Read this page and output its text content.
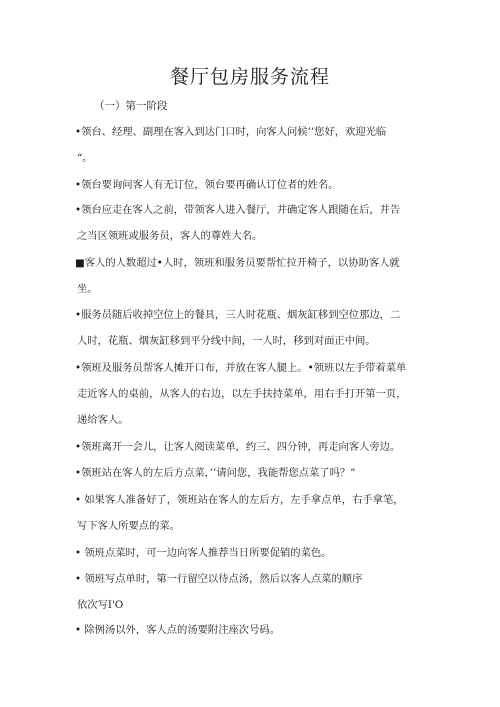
餐厅包房服务流程
（一）第一阶段
•领台、经理、副理在客入到达门口时，向客人问候’’您好，欢迎光临
“。
•领台要询问客人有无订位，领台要再确认订位者的姓名。
•领台应走在客人之前，带领客人进入餐厅，并确定客人跟随在后，并告
之当区领班或服务员，客人的尊姓大名。
■客人的人数超过•人时，领班和服务员要帮忙拉开椅子，以协助客人就
坐。
•服务员随后收掉空位上的餐具，三人时花瓶、烟灰缸移到空位那边，二
人时，花瓶、烟灰缸移到平分线中间，一人时，移到对面正中间。
•领班及服务员帮客人摊开口布，并放在客人腿上。•领班以左手带着菜单
走近客人的桌前，从客人的右边，以左手扶持菜单，用右手打开第一页，
递给客人。
•领班离开一会儿，让客人阅读菜单，约三、四分钟，再走向客人旁边。
•领班站在客人的左后方点菜，’’请问您，我能帮您点菜了吗？”
• 如果客人准备好了，领班站在客人的左后方，左手拿点单，右手拿笔，
写下客人所要点的菜。
• 领班点菜时，可一边向客人推荐当日所要促销的菜色。
• 领班写点单时，第一行留空以待点汤，然后以客人点菜的顺序
依次写I'O
• 除例汤以外，客人点的汤要附注座次号码。
